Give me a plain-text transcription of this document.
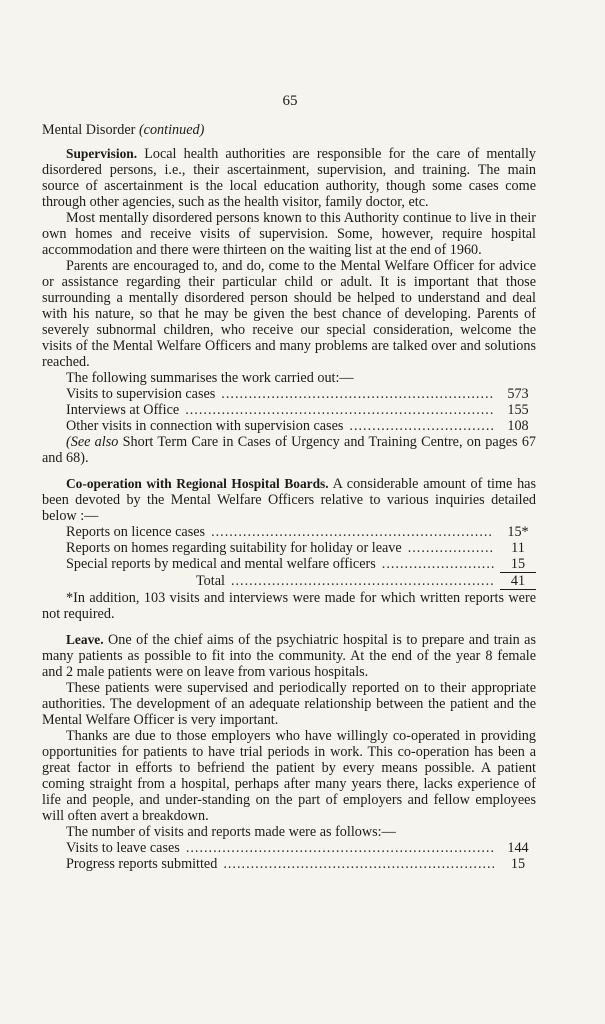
65
Mental Disorder (continued)

Supervision. Local health authorities are responsible for the care of mentally disordered persons, i.e., their ascertainment, supervision, and training. The main source of ascertainment is the local education authority, though some cases come through other agencies, such as the health visitor, family doctor, etc.

Most mentally disordered persons known to this Authority continue to live in their own homes and receive visits of supervision. Some, however, require hospital accommodation and there were thirteen on the waiting list at the end of 1960.

Parents are encouraged to, and do, come to the Mental Welfare Officer for advice or assistance regarding their particular child or adult. It is important that those surrounding a mentally disordered person should be helped to understand and deal with his nature, so that he may be given the best chance of developing. Parents of severely subnormal children, who receive our special consideration, welcome the visits of the Mental Welfare Officers and many problems are talked over and solutions reached.

The following summarises the work carried out:—
Visits to supervision cases .....	573
Interviews at Office .....	155
Other visits in connection with supervision cases .....	108

(See also Short Term Care in Cases of Urgency and Training Centre, on pages 67 and 68).

Co-operation with Regional Hospital Boards. A considerable amount of time has been devoted by the Mental Welfare Officers relative to various inquiries detailed below :—

Reports on licence cases .....	15*
Reports on homes regarding suitability for holiday or leave .....	11
Special reports by medical and mental welfare officers .....	15
Total .....	41

*In addition, 103 visits and interviews were made for which written reports were not required.

Leave. One of the chief aims of the psychiatric hospital is to prepare and train as many patients as possible to fit into the community. At the end of the year 8 female and 2 male patients were on leave from various hospitals.

These patients were supervised and periodically reported on to their appropriate authorities. The development of an adequate relationship between the patient and the Mental Welfare Officer is very important.

Thanks are due to those employers who have willingly co-operated in providing opportunities for patients to have trial periods in work. This co-operation has been a great factor in efforts to befriend the patient by every means possible. A patient coming straight from a hospital, perhaps after many years there, lacks experience of life and people, and under-standing on the part of employers and fellow employees will often avert a breakdown.

The number of visits and reports made were as follows:—
Visits to leave cases .....	144
Progress reports submitted .....	15
